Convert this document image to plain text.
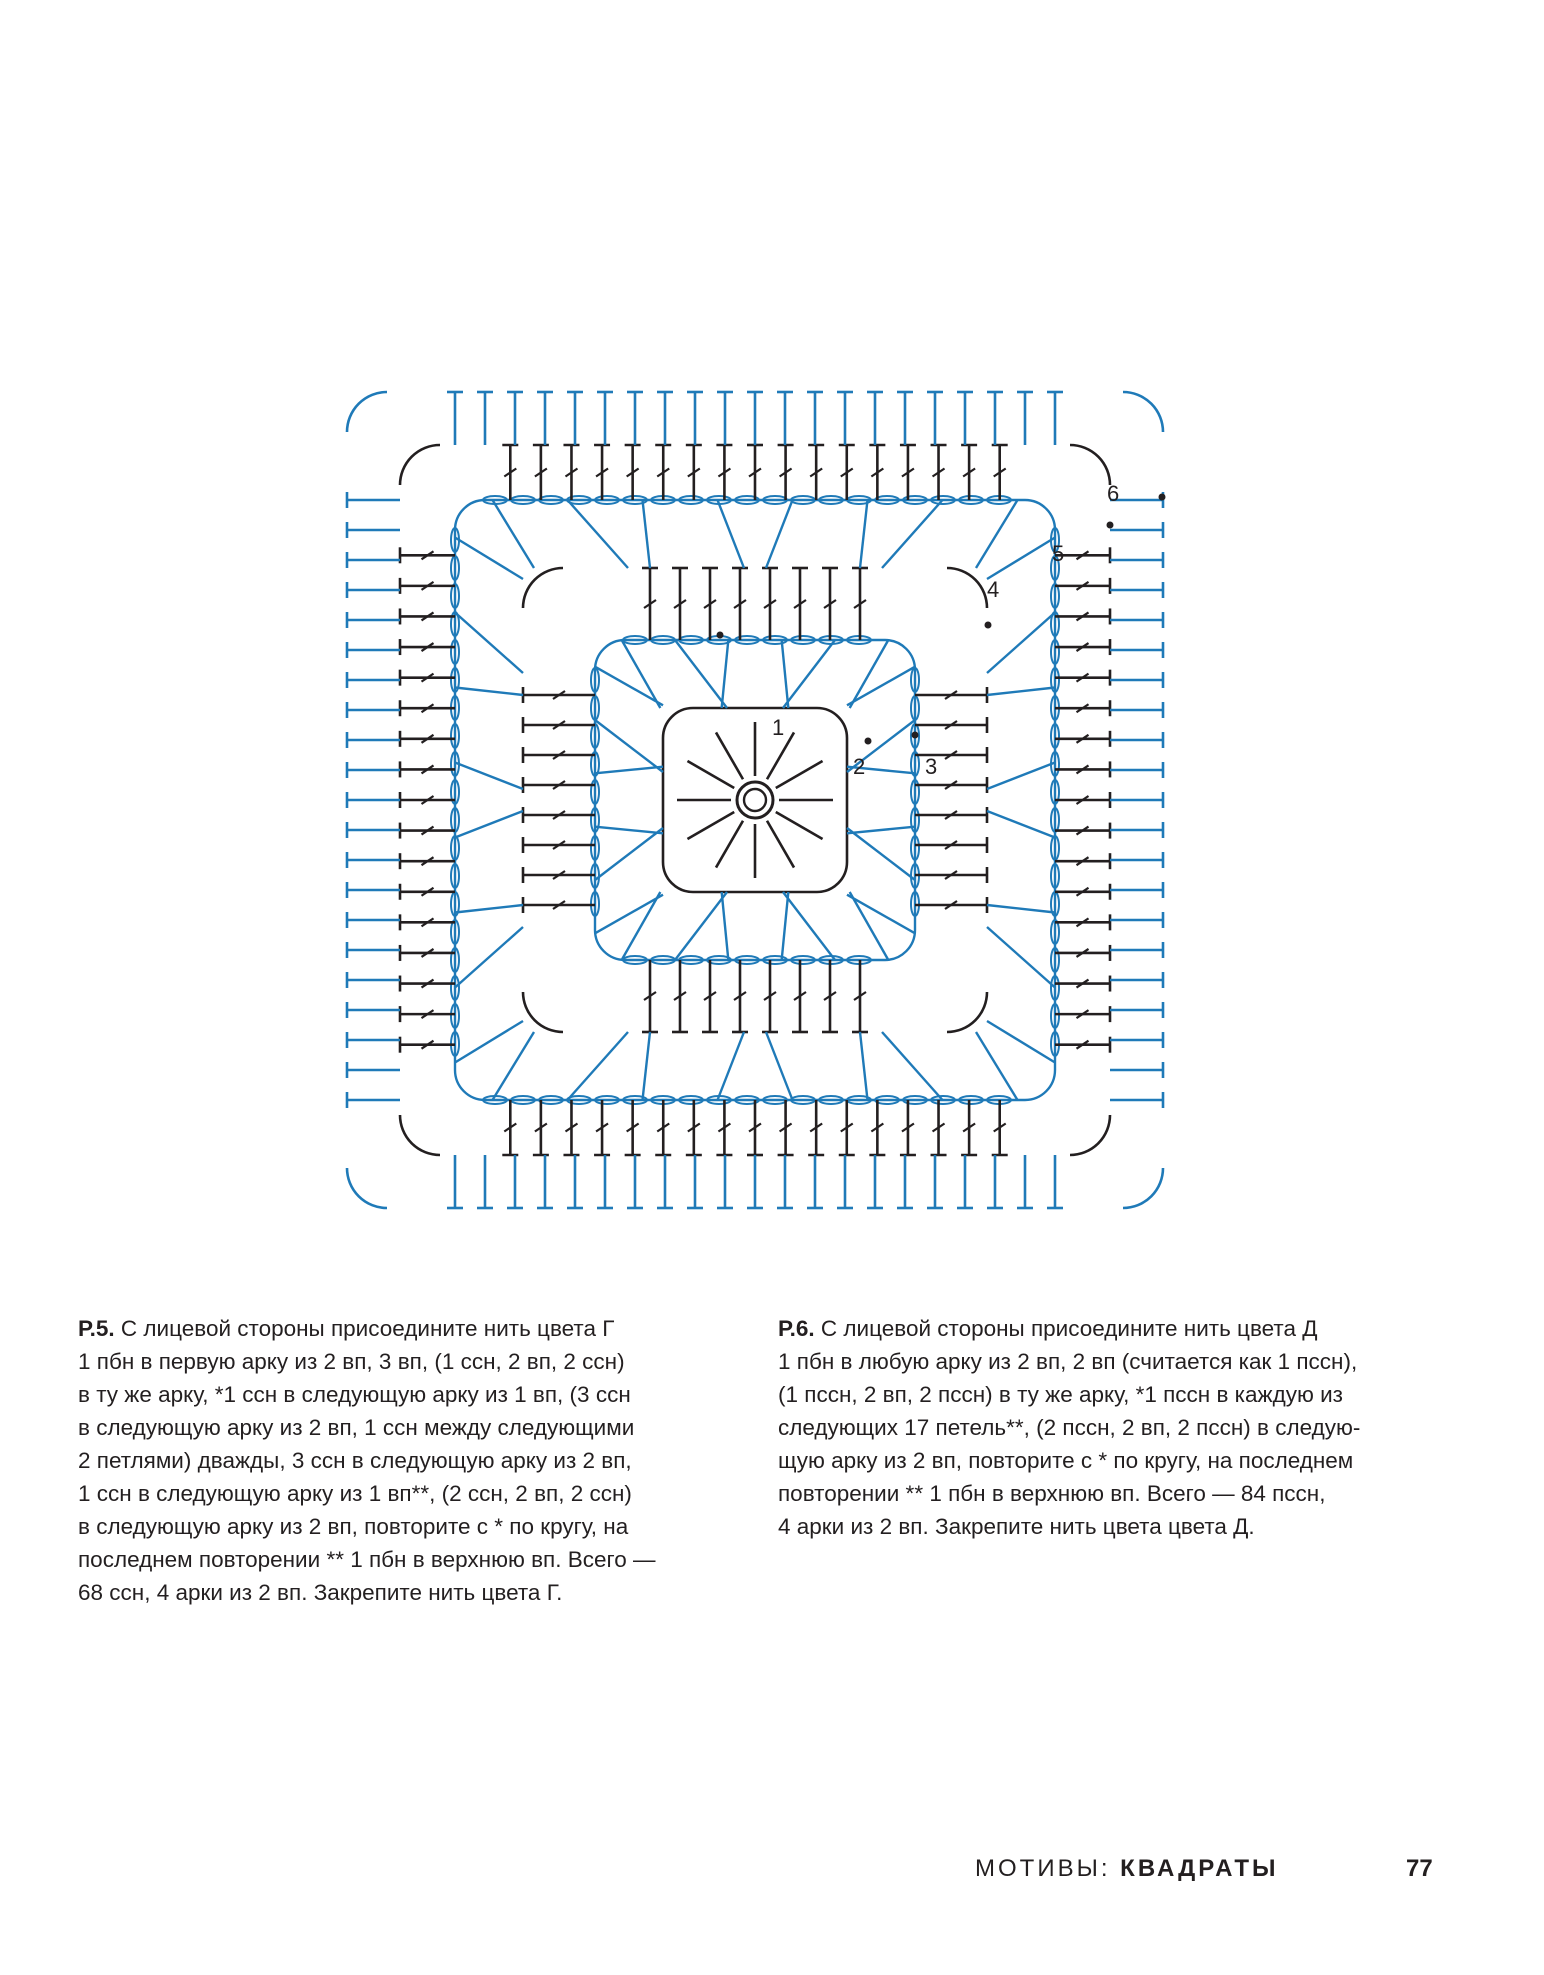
1
2	3
4
5
6

Р.5. С лицевой стороны присоедините нить цвета Г
1 пбн в первую арку из 2 вп, 3 вп, (1 ссн, 2 вп, 2 ссн)
в ту же арку, *1 ссн в следующую арку из 1 вп, (3 ссн
в следующую арку из 2 вп, 1 ссн между следующими
2 петлями) дважды, 3 ссн в следующую арку из 2 вп,
1 ссн в следующую арку из 1 вп**, (2 ссн, 2 вп, 2 ссн)
в следующую арку из 2 вп, повторите с * по кругу, на
последнем повторении ** 1 пбн в верхнюю вп. Всего —
68 ссн, 4 арки из 2 вп. Закрепите нить цвета Г.

Р.6. С лицевой стороны присоедините нить цвета Д
1 пбн в любую арку из 2 вп, 2 вп (считается как 1 пссн),
(1 пссн, 2 вп, 2 пссн) в ту же арку, *1 пссн в каждую из
следующих 17 петель**, (2 пссн, 2 вп, 2 пссн) в следую-
щую арку из 2 вп, повторите с * по кругу, на последнем
повторении ** 1 пбн в верхнюю вп. Всего — 84 пссн,
4 арки из 2 вп. Закрепите нить цвета цвета Д.

МОТИВЫ: КВАДРАТЫ	77
